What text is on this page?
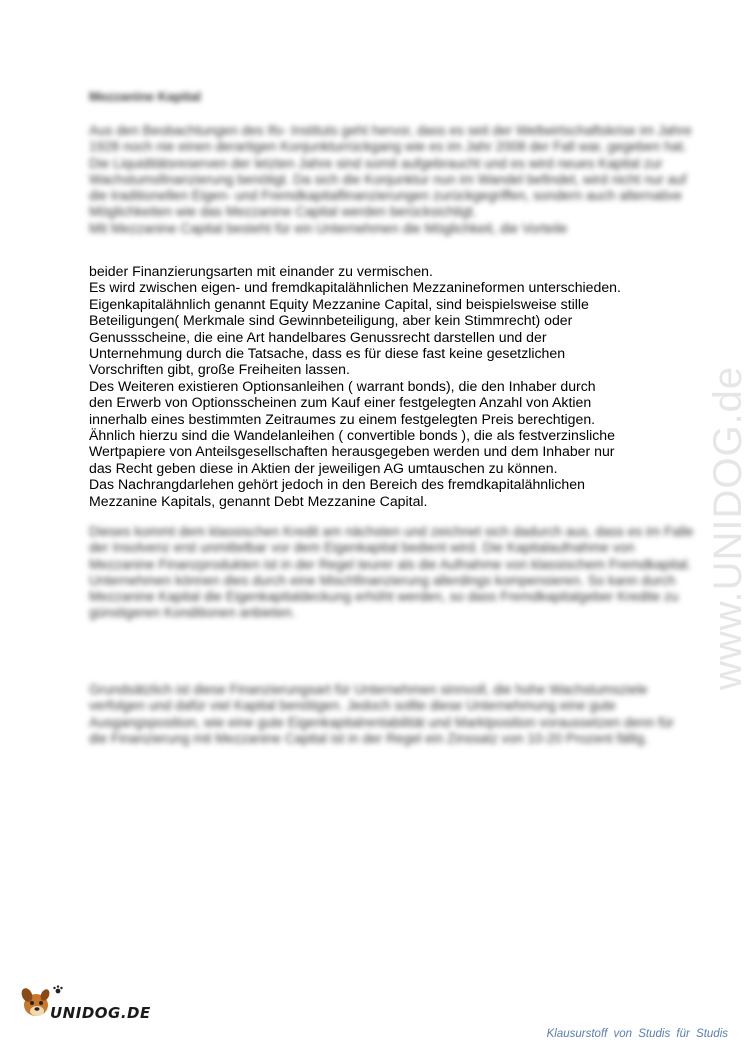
Mezzanine Kapital

Aus den Beobachtungen des Ifo- Instituts geht hervor, dass es seit der Weltwirtschaftskrise im Jahre 1928 noch nie einen derartigen Konjunkturrückgang wie es im Jahr 2008 der Fall war, gegeben hat. Die Liquiditätsreserven der letzten Jahre sind somit aufgebraucht und es wird neues Kapital zur Wachstumsfinanzierung benötigt. Da sich die Konjunktur nun im Wandel befindet, wird nicht nur auf die traditionellen Eigen- und Fremdkapitalfinanzierungen zurückgegriffen, sondern auch alternative Möglichkeiten wie das Mezzanine Capital werden berücksichtigt.

Mit Mezzanine Capital besteht für ein Unternehmen die Möglichkeit, die Vorteile

beider Finanzierungsarten mit einander zu vermischen.

Es wird zwischen eigen- und fremdkapitalähnlichen Mezzanineformen unterschieden.

Eigenkapitalähnlich genannt Equity Mezzanine Capital, sind beispielsweise stille

Beteiligungen( Merkmale sind Gewinnbeteiligung, aber kein Stimmrecht) oder

Genussscheine, die eine Art handelbares Genussrecht darstellen und der

Unternehmung durch die Tatsache, dass es für diese fast keine gesetzlichen

Vorschriften gibt, große Freiheiten lassen.

Des Weiteren existieren Optionsanleihen ( warrant bonds), die den Inhaber durch

den Erwerb von Optionsscheinen zum Kauf einer festgelegten Anzahl von Aktien

innerhalb eines bestimmten Zeitraumes zu einem festgelegten Preis berechtigen.

Ähnlich hierzu sind die Wandelanleihen ( convertible bonds ), die als festverzinsliche

Wertpapiere von Anteilsgesellschaften herausgegeben werden und dem Inhaber nur

das Recht geben diese in Aktien der jeweiligen AG umtauschen zu können.

Das Nachrangdarlehen gehört jedoch in den Bereich des fremdkapitalähnlichen

Mezzanine Kapitals, genannt Debt Mezzanine Capital.

Dieses kommt dem klassischen Kredit am nächsten und zeichnet sich dadurch aus, dass es im Falle der Insolvenz erst unmittelbar vor dem Eigenkapital bedient wird. Die Kapitalaufnahme von Mezzanine Finanzprodukten ist in der Regel teurer als die Aufnahme von klassischem Fremdkapital. Unternehmen können dies durch eine Mischfinanzierung allerdings kompensieren. So kann durch Mezzanine Kapital die Eigenkapitaldeckung erhöht werden, so dass Fremdkapitalgeber Kredite zu günstigeren Konditionen anbieten.

Grundsätzlich ist diese Finanzierungsart für Unternehmen sinnvoll, die hohe Wachstumsziele verfolgen und dafür viel Kapital benötigen. Jedoch sollte diese Unternehmung eine gute Ausgangsposition, wie eine gute Eigenkapitalrentabilität und Marktposition voraussetzen denn für die Finanzierung mit Mezzanine Capital ist in der Regel ein Zinssatz von 10-20 Prozent fällig.

www.UNIDOG.de
UNIDOG.DE
Klausurstoff von Studis für Studis
